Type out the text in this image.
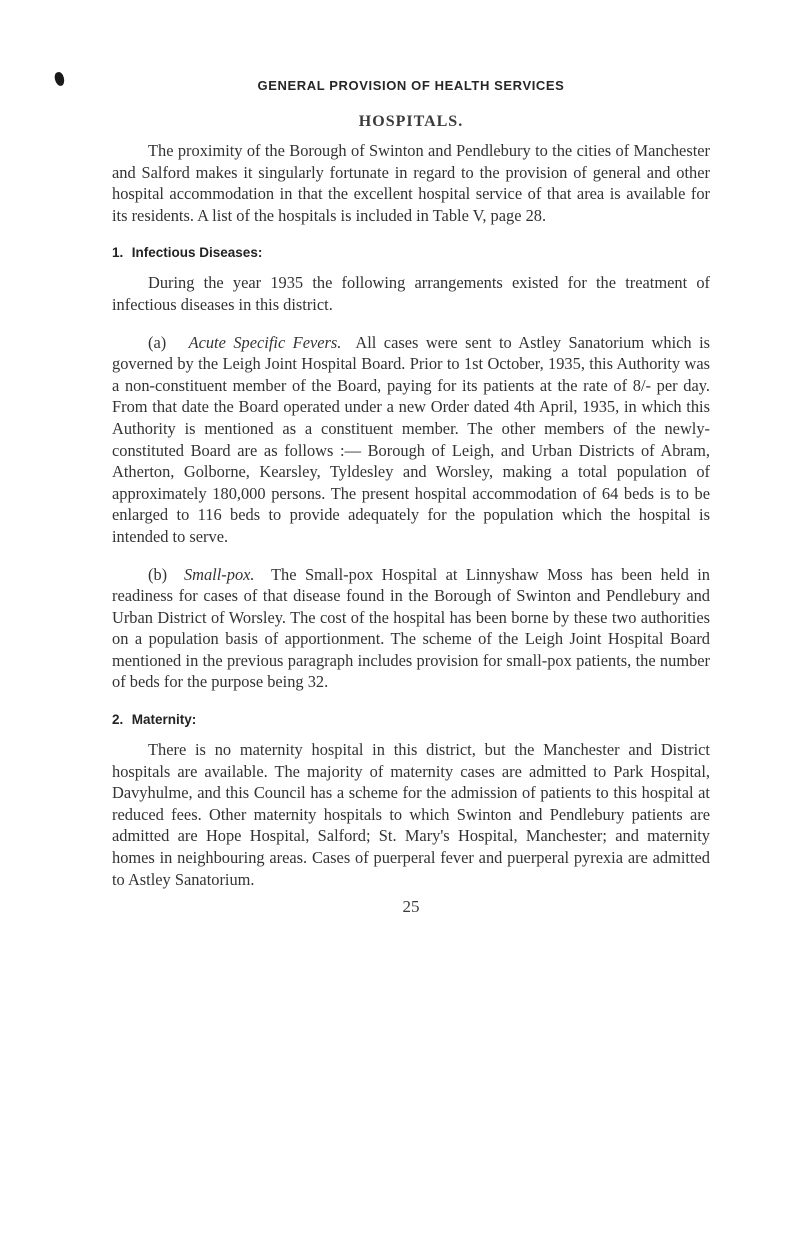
GENERAL PROVISION OF HEALTH SERVICES
HOSPITALS.

The proximity of the Borough of Swinton and Pendlebury to the cities of Manchester and Salford makes it singularly fortunate in regard to the provision of general and other hospital accommodation in that the excellent hospital service of that area is available for its residents. A list of the hospitals is included in Table V, page 28.

1. Infectious Diseases:

During the year 1935 the following arrangements existed for the treatment of infectious diseases in this district.

(a) Acute Specific Fevers. All cases were sent to Astley Sanatorium which is governed by the Leigh Joint Hospital Board. Prior to 1st October, 1935, this Authority was a non-constituent member of the Board, paying for its patients at the rate of 8/- per day. From that date the Board operated under a new Order dated 4th April, 1935, in which this Authority is mentioned as a constituent member. The other members of the newly-constituted Board are as follows :— Borough of Leigh, and Urban Districts of Abram, Atherton, Golborne, Kearsley, Tyldesley and Worsley, making a total population of approximately 180,000 persons. The present hospital accommodation of 64 beds is to be enlarged to 116 beds to provide adequately for the population which the hospital is intended to serve.

(b) Small-pox. The Small-pox Hospital at Linnyshaw Moss has been held in readiness for cases of that disease found in the Borough of Swinton and Pendlebury and Urban District of Worsley. The cost of the hospital has been borne by these two authorities on a population basis of apportionment. The scheme of the Leigh Joint Hospital Board mentioned in the previous paragraph includes provision for small-pox patients, the number of beds for the purpose being 32.

2. Maternity:

There is no maternity hospital in this district, but the Manchester and District hospitals are available. The majority of maternity cases are admitted to Park Hospital, Davyhulme, and this Council has a scheme for the admission of patients to this hospital at reduced fees. Other maternity hospitals to which Swinton and Pendlebury patients are admitted are Hope Hospital, Salford; St. Mary's Hospital, Manchester; and maternity homes in neighbouring areas. Cases of puerperal fever and puerperal pyrexia are admitted to Astley Sanatorium.

25
